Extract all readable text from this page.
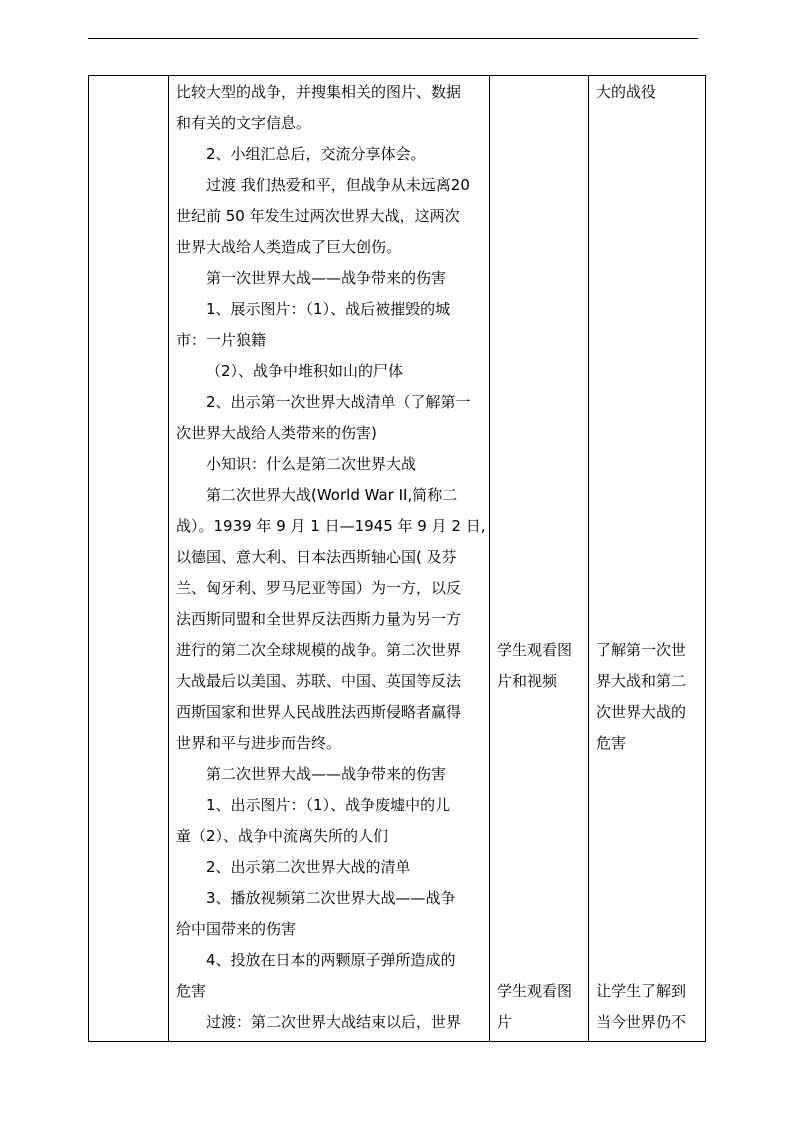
比较大型的战争，并搜集相关的图片、数据
和有关的文字信息。
2、小组汇总后，交流分享体会。
过渡 我们热爱和平，但战争从未远离20
世纪前 50 年发生过两次世界大战，这两次
世界大战给人类造成了巨大创伤。
第一次世界大战——战争带来的伤害
1、展示图片：（1）、战后被摧毁的城
市：一片狼籍
（2）、战争中堆积如山的尸体
2、出示第一次世界大战清单（了解第一
次世界大战给人类带来的伤害)
小知识：什么是第二次世界大战
第二次世界大战(World War II,简称二
战）。1939 年 9 月 1 日—1945 年 9 月 2 日,
以德国、意大利、日本法西斯轴心国( 及芬
兰、匈牙利、罗马尼亚等国）为一方，以反
法西斯同盟和全世界反法西斯力量为另一方
进行的第二次全球规模的战争。第二次世界
大战最后以美国、苏联、中国、英国等反法
西斯国家和世界人民战胜法西斯侵略者赢得
世界和平与进步而告终。
第二次世界大战——战争带来的伤害
1、出示图片：（1）、战争废墟中的儿
童（2）、战争中流离失所的人们
2、出示第二次世界大战的清单
3、播放视频第二次世界大战——战争
给中国带来的伤害
4、投放在日本的两颗原子弹所造成的
危害
过渡：第二次世界大战结束以后，世界
学生观看图
片和视频
学生观看图
片
大的战役
了解第一次世
界大战和第二
次世界大战的
危害
让学生了解到
当今世界仍不
